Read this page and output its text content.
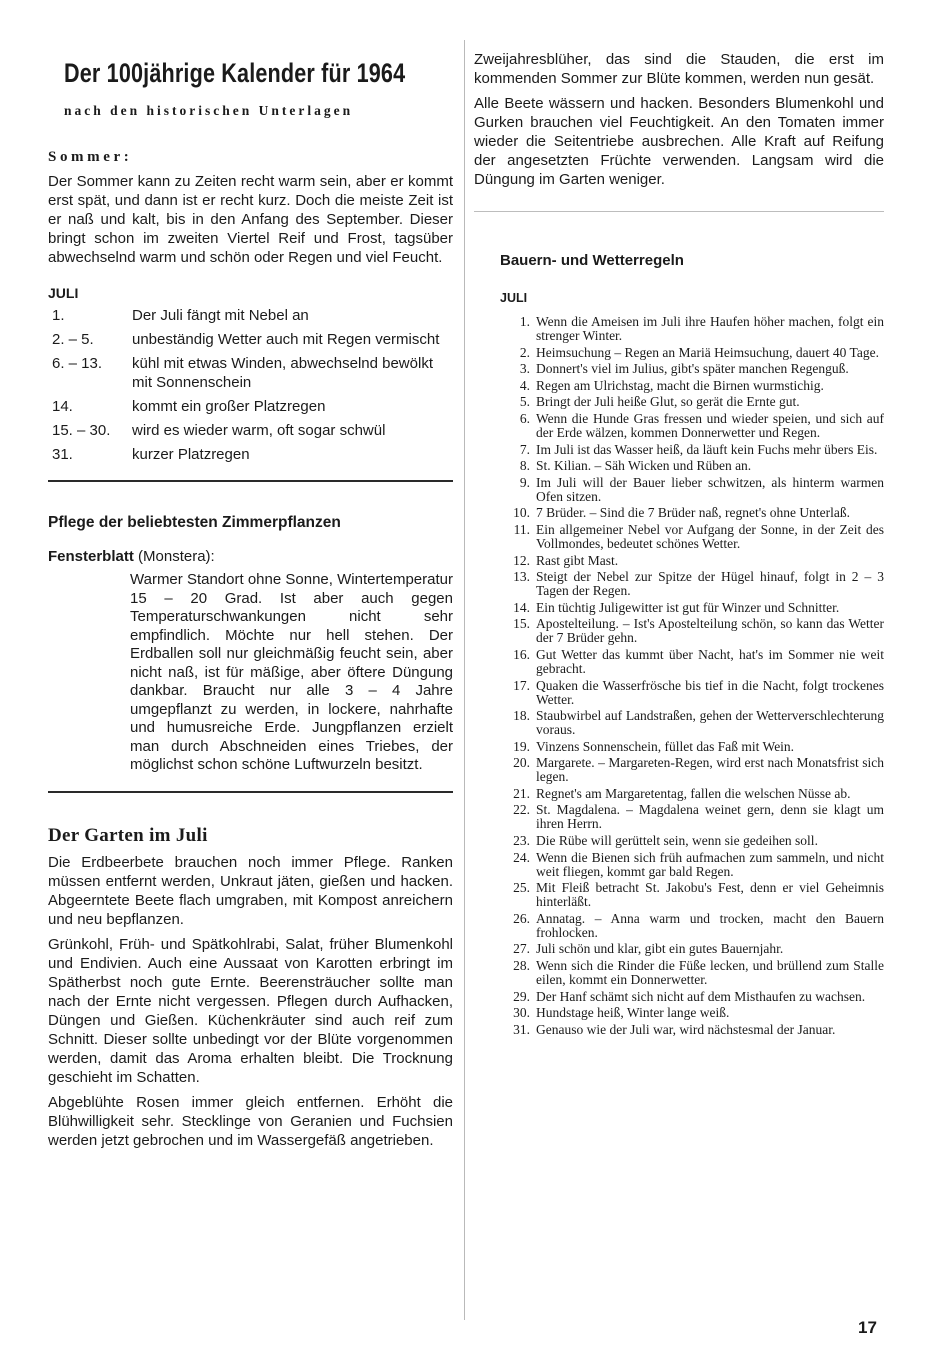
Der 100jährige Kalender für 1964
nach den historischen Unterlagen
Sommer:

Der Sommer kann zu Zeiten recht warm sein, aber er kommt erst spät, und dann ist er recht kurz. Doch die meiste Zeit ist er naß und kalt, bis in den Anfang des September. Dieser bringt schon im zweiten Viertel Reif und Frost, tagsüber abwechselnd warm und schön oder Regen und viel Feucht.

JULI
1.	Der Juli fängt mit Nebel an
2. – 5.	unbeständig Wetter auch mit Regen vermischt
6. – 13.	kühl mit etwas Winden, abwechselnd bewölkt mit Sonnenschein
14.	kommt ein großer Platzregen
15. – 30.	wird es wieder warm, oft sogar schwül
31.	kurzer Platzregen
Pflege der beliebtesten Zimmerpflanzen
Fensterblatt (Monstera):
Warmer Standort ohne Sonne, Wintertemperatur 15 – 20 Grad. Ist aber auch gegen Temperaturschwankungen nicht sehr empfindlich. Möchte nur hell stehen. Der Erdballen soll nur gleichmäßig feucht sein, aber nicht naß, ist für mäßige, aber öftere Düngung dankbar. Braucht nur alle 3 – 4 Jahre umgepflanzt zu werden, in lockere, nahrhafte und humusreiche Erde. Jungpflanzen erzielt man durch Abschneiden eines Triebes, der möglichst schon schöne Luftwurzeln besitzt.
Der Garten im Juli

Die Erdbeerbete brauchen noch immer Pflege. Ranken müssen entfernt werden, Unkraut jäten, gießen und hacken. Abgeerntete Beete flach umgraben, mit Kompost anreichern und neu bepflanzen.

Grünkohl, Früh- und Spätkohlrabi, Salat, früher Blumenkohl und Endivien. Auch eine Aussaat von Karotten erbringt im Spätherbst noch gute Ernte. Beerensträucher sollte man nach der Ernte nicht vergessen. Pflegen durch Aufhacken, Düngen und Gießen. Küchenkräuter sind auch reif zum Schnitt. Dieser sollte unbedingt vor der Blüte vorgenommen werden, damit das Aroma erhalten bleibt. Die Trocknung geschieht im Schatten.

Abgeblühte Rosen immer gleich entfernen. Erhöht die Blühwilligkeit sehr. Stecklinge von Geranien und Fuchsien werden jetzt gebrochen und im Wassergefäß angetrieben.

Zweijahresblüher, das sind die Stauden, die erst im kommenden Sommer zur Blüte kommen, werden nun gesät.

Alle Beete wässern und hacken. Besonders Blumenkohl und Gurken brauchen viel Feuchtigkeit. An den Tomaten immer wieder die Seitentriebe ausbrechen. Alle Kraft auf Reifung der angesetzten Früchte verwenden. Langsam wird die Düngung im Garten weniger.

Bauern- und Wetterregeln
JULI
1. Wenn die Ameisen im Juli ihre Haufen höher machen, folgt ein strenger Winter.
2. Heimsuchung – Regen an Mariä Heimsuchung, dauert 40 Tage.
3. Donnert's viel im Julius, gibt's später manchen Regenguß.
4. Regen am Ulrichstag, macht die Birnen wurmstichig.
5. Bringt der Juli heiße Glut, so gerät die Ernte gut.
6. Wenn die Hunde Gras fressen und wieder speien, und sich auf der Erde wälzen, kommen Donnerwetter und Regen.
7. Im Juli ist das Wasser heiß, da läuft kein Fuchs mehr übers Eis.
8. St. Kilian. – Säh Wicken und Rüben an.
9. Im Juli will der Bauer lieber schwitzen, als hinterm warmen Ofen sitzen.
10. 7 Brüder. – Sind die 7 Brüder naß, regnet's ohne Unterlaß.
11. Ein allgemeiner Nebel vor Aufgang der Sonne, in der Zeit des Vollmondes, bedeutet schönes Wetter.
12. Rast gibt Mast.
13. Steigt der Nebel zur Spitze der Hügel hinauf, folgt in 2 – 3 Tagen der Regen.
14. Ein tüchtig Juligewitter ist gut für Winzer und Schnitter.
15. Apostelteilung. – Ist's Apostelteilung schön, so kann das Wetter der 7 Brüder gehn.
16. Gut Wetter das kummt über Nacht, hat's im Sommer nie weit gebracht.
17. Quaken die Wasserfrösche bis tief in die Nacht, folgt trockenes Wetter.
18. Staubwirbel auf Landstraßen, gehen der Wetterverschlechterung voraus.
19. Vinzens Sonnenschein, füllet das Faß mit Wein.
20. Margarete. – Margareten-Regen, wird erst nach Monatsfrist sich legen.
21. Regnet's am Margaretentag, fallen die welschen Nüsse ab.
22. St. Magdalena. – Magdalena weinet gern, denn sie klagt um ihren Herrn.
23. Die Rübe will gerüttelt sein, wenn sie gedeihen soll.
24. Wenn die Bienen sich früh aufmachen zum sammeln, und nicht weit fliegen, kommt gar bald Regen.
25. Mit Fleiß betracht St. Jakobu's Fest, denn er viel Geheimnis hinterläßt.
26. Annatag. – Anna warm und trocken, macht den Bauern frohlocken.
27. Juli schön und klar, gibt ein gutes Bauernjahr.
28. Wenn sich die Rinder die Füße lecken, und brüllend zum Stalle eilen, kommt ein Donnerwetter.
29. Der Hanf schämt sich nicht auf dem Misthaufen zu wachsen.
30. Hundstage heiß, Winter lange weiß.
31. Genauso wie der Juli war, wird nächstesmal der Januar.
17
